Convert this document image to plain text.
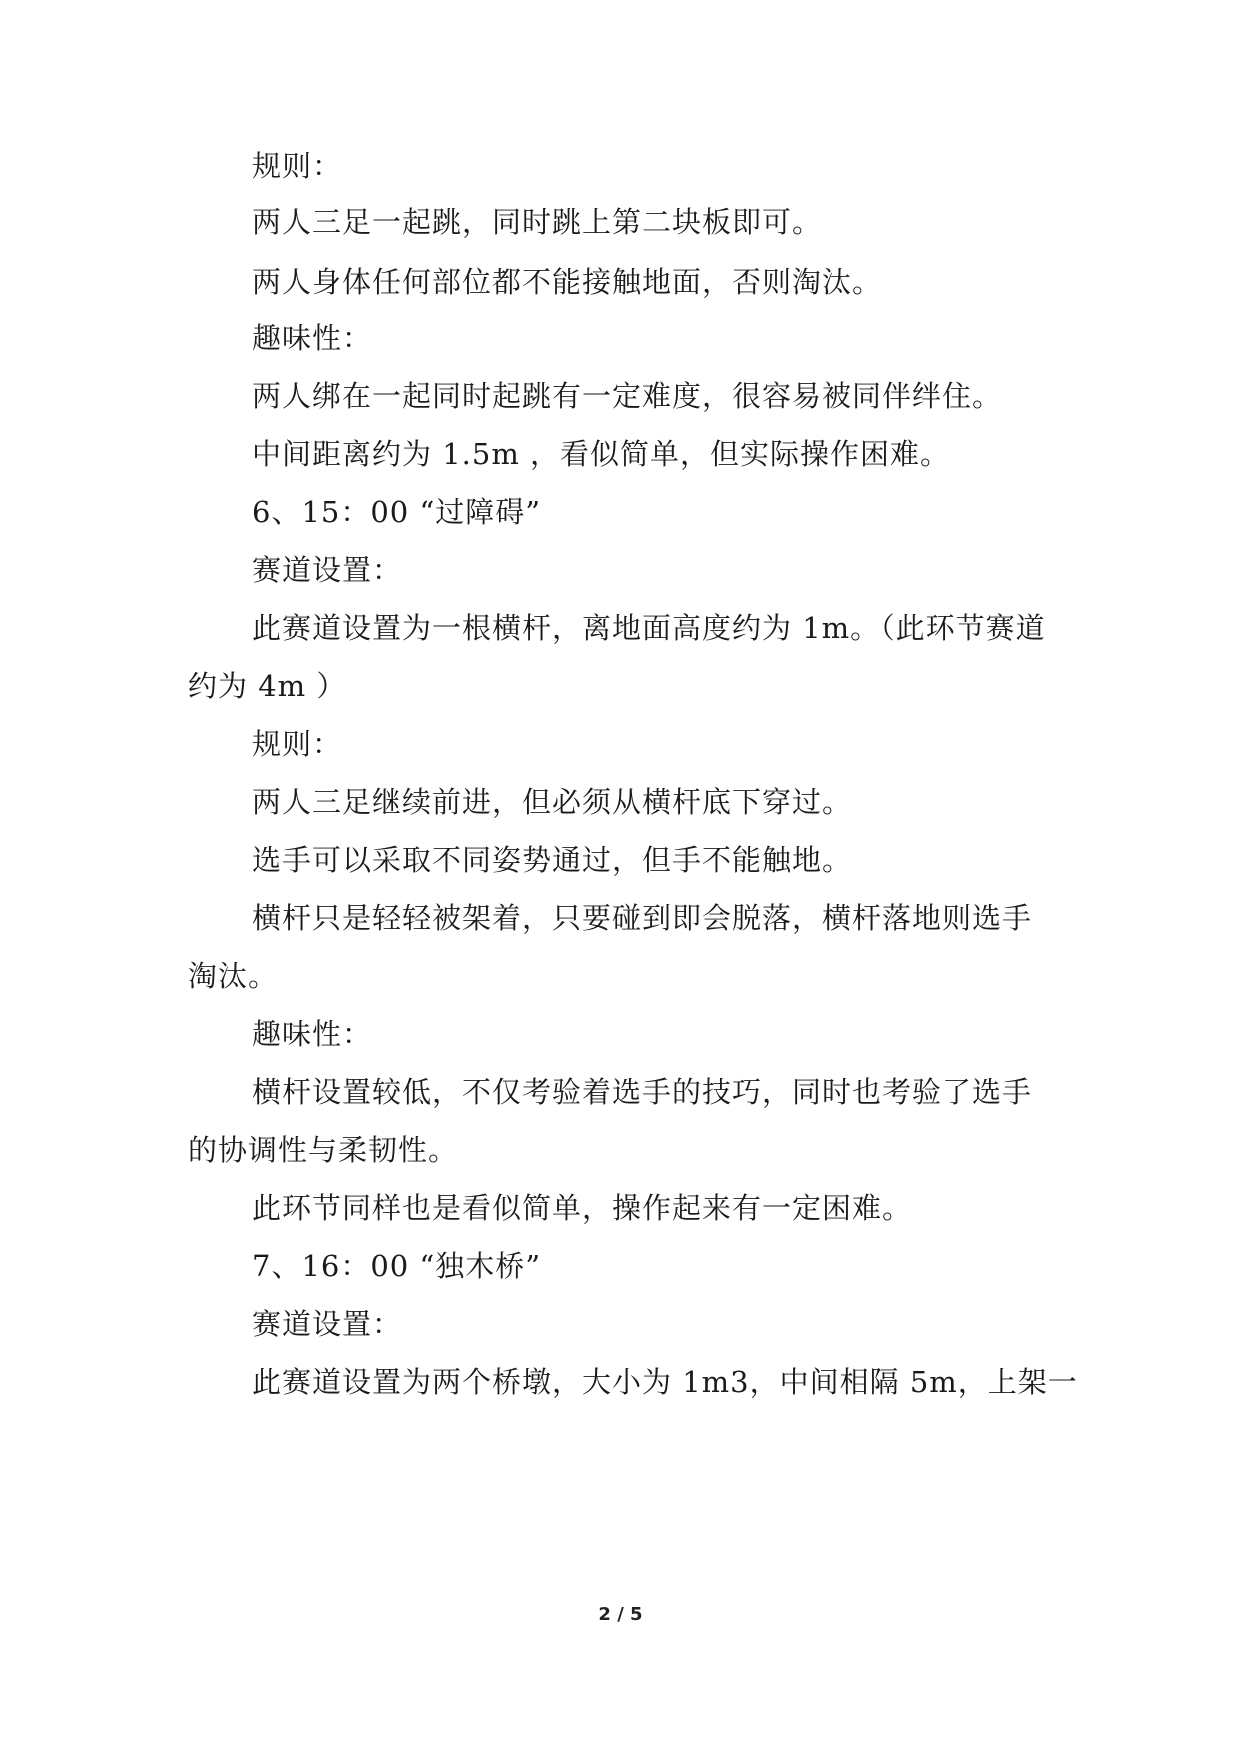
规则：
两人三足一起跳，同时跳上第二块板即可。
两人身体任何部位都不能接触地面，否则淘汰。
趣味性：
两人绑在一起同时起跳有一定难度，很容易被同伴绊住。
中间距离约为 1.5m ，看似简单，但实际操作困难。
6、15：00 “过障碍”
赛道设置：
此赛道设置为一根横杆，离地面高度约为 1m。（此环节赛道
约为 4m ）
规则：
两人三足继续前进，但必须从横杆底下穿过。
选手可以采取不同姿势通过，但手不能触地。
横杆只是轻轻被架着，只要碰到即会脱落，横杆落地则选手
淘汰。
趣味性：
横杆设置较低，不仅考验着选手的技巧，同时也考验了选手
的协调性与柔韧性。
此环节同样也是看似简单，操作起来有一定困难。
7、16：00 “独木桥”
赛道设置：
此赛道设置为两个桥墩，大小为 1m3，中间相隔 5m，上架一
2 / 5
